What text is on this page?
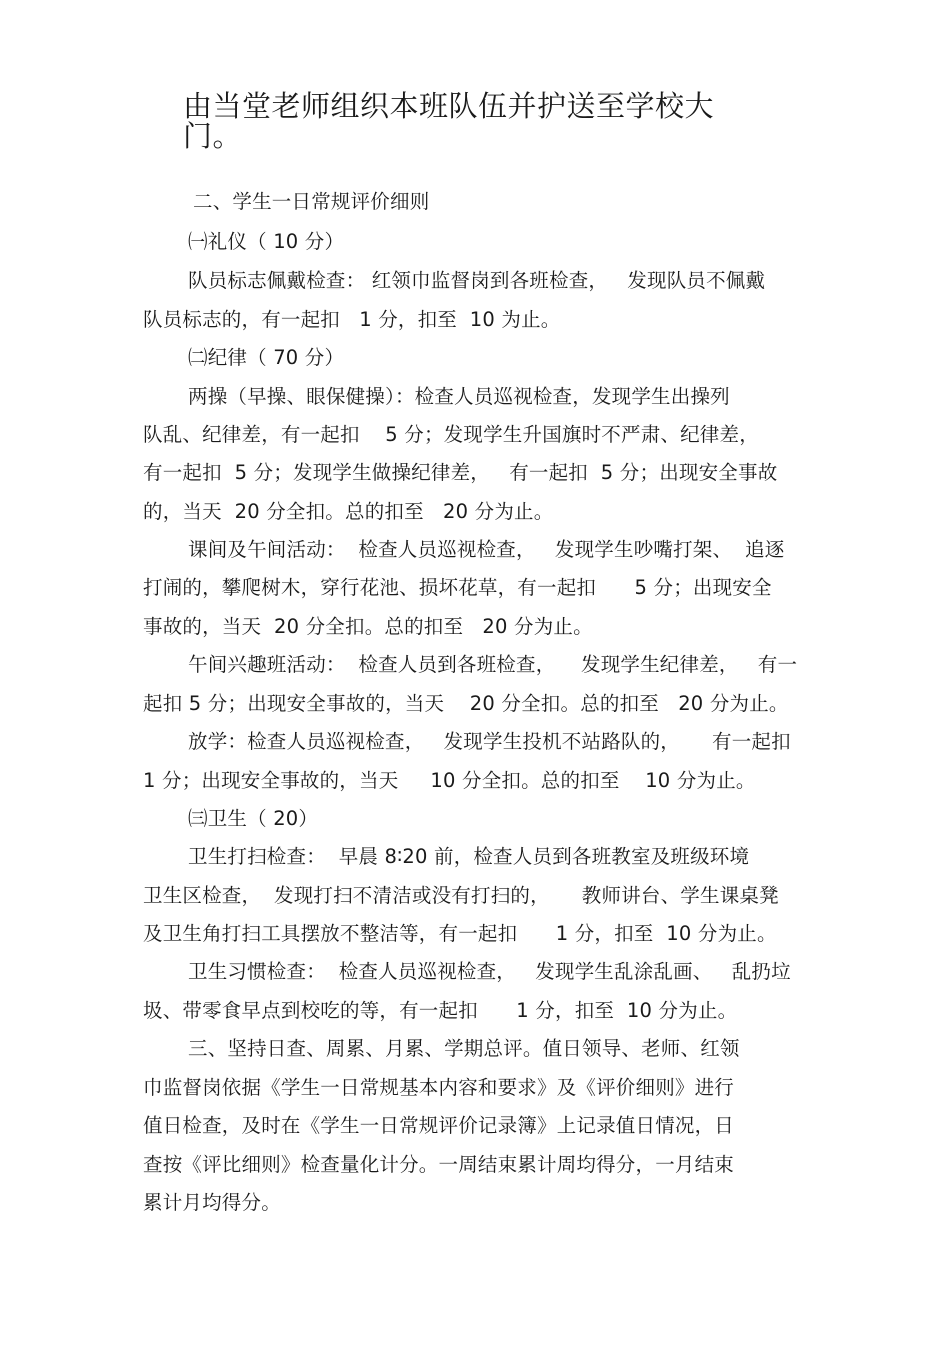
由当堂老师组织本班队伍并护送至学校大
门。
二、学生一日常规评价细则
㈠礼仪（ 10 分）
队员标志佩戴检查： 红领巾监督岗到各班检查，   发现队员不佩戴
队员标志的，有一起扣   1 分，扣至  10 为止。
㈡纪律（ 70 分）
两操（早操、眼保健操）：检查人员巡视检查，发现学生出操列
队乱、纪律差，有一起扣    5 分；发现学生升国旗时不严肃、纪律差，
有一起扣  5 分；发现学生做操纪律差，   有一起扣  5 分；出现安全事故
的，当天  20 分全扣。总的扣至   20 分为止。
课间及午间活动：  检查人员巡视检查，   发现学生吵嘴打架、  追逐
打闹的，攀爬树木，穿行花池、损坏花草，有一起扣      5 分；出现安全
事故的，当天  20 分全扣。总的扣至   20 分为止。
午间兴趣班活动：  检查人员到各班检查，    发现学生纪律差，   有一
起扣 5 分；出现安全事故的，当天    20 分全扣。总的扣至   20 分为止。
放学：检查人员巡视检查，   发现学生投机不站路队的，     有一起扣
1 分；出现安全事故的，当天     10 分全扣。总的扣至    10 分为止。
㈢卫生（ 20）
卫生打扫检查：  早晨 8∶20 前，检查人员到各班教室及班级环境
卫生区检查，  发现打扫不清洁或没有打扫的，     教师讲台、学生课桌凳
及卫生角打扫工具摆放不整洁等，有一起扣      1 分，扣至  10 分为止。
卫生习惯检查：  检查人员巡视检查，   发现学生乱涂乱画、   乱扔垃
圾、带零食早点到校吃的等，有一起扣      1 分，扣至  10 分为止。
三、坚持日查、周累、月累、学期总评。值日领导、老师、红领
巾监督岗依据《学生一日常规基本内容和要求》及《评价细则》进行
值日检查，及时在《学生一日常规评价记录簿》上记录值日情况，日
查按《评比细则》检查量化计分。一周结束累计周均得分，一月结束
累计月均得分。
